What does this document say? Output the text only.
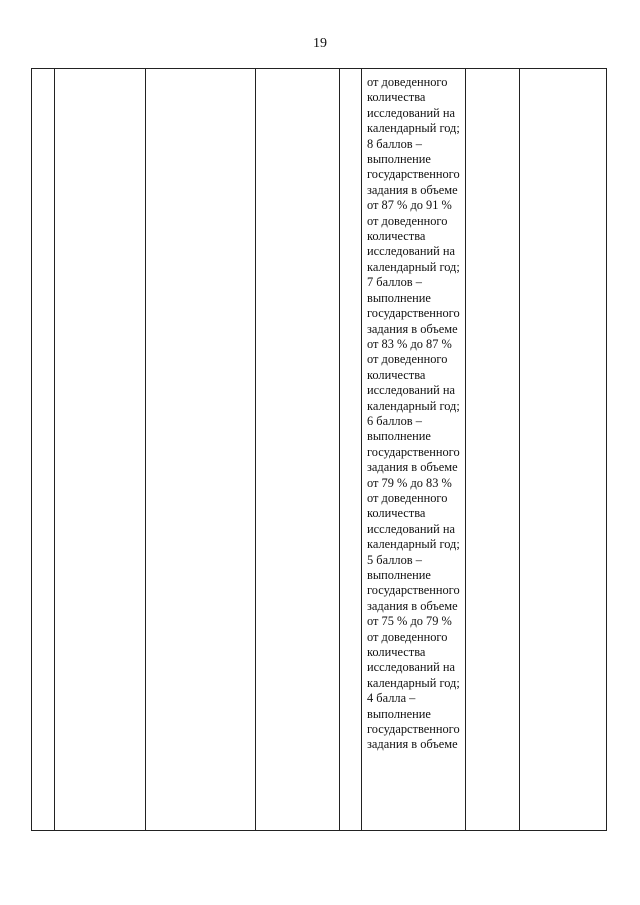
19

от доведенного
количества
исследований на
календарный год;
8 баллов –
выполнение
государственного
задания в объеме
от 87 % до 91 %
от доведенного
количества
исследований на
календарный год;
7 баллов –
выполнение
государственного
задания в объеме
от 83 % до 87 %
от доведенного
количества
исследований на
календарный год;
6 баллов –
выполнение
государственного
задания в объеме
от 79 % до 83 %
от доведенного
количества
исследований на
календарный год;
5 баллов –
выполнение
государственного
задания в объеме
от 75 % до 79 %
от доведенного
количества
исследований на
календарный год;
4 балла –
выполнение
государственного
задания в объеме
